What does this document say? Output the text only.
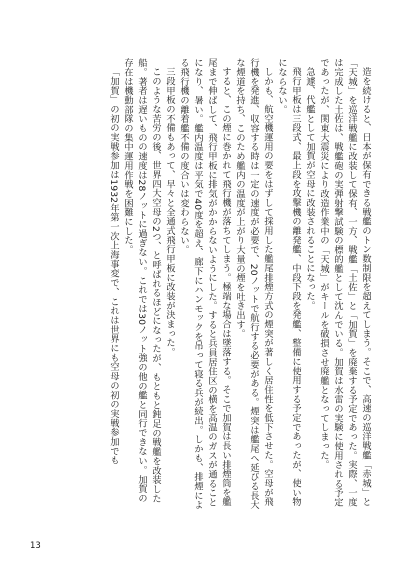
造を続けると、日本が保有できる戦艦のトン数制限を超えてしまう。そこで、高速の巡洋戦艦「赤城」と「天城」を巡洋戦艦に改装して保有、一方、戦艦「土佐」と「加賀」を廃棄する予定であった。実際、一度は完成した土佐は、戦艦砲の実弾射撃試験の標的艦として沈んでいる。加賀は水雷の実験に使用される予定であったが、関東大震災により改造作業中の「天城」がキールを破損させ廃艦となってしまった。

急遽、代艦として加賀が空母に改装されることになった。

飛行甲板は三段式、最上段を攻撃機の離発艦、中段下段を発艦、整備に使用する予定であったが、使い物にならない。

しかも、航空機運用の要をはずして採用した艦尾排煙方式の煙突が著しく居住性を低下させた。空母が飛行機を発進、収容する時は一定の速度が必要で、20ノットで航行する必要がある。煙突は艦尾へ延びる長大な煙道を持ち、このため艦内の温度が上がり大量の煙を吐き出す。

すると、この煙に巻かれて飛行機が落ちてしまう。極端な場合は墜落する。そこで加賀は長い排煙筒を艦尾まで伸ばして、飛行甲板に排気がかからないようにした。すると兵員居住区の横を高温のガスが通ることになり、暑い。艦内温度は平気で40度を超え、廊下にハンモックを吊って寝る兵が続出。しかも、排煙による飛行機の離着艦不備の度合いは変わらない。

三段甲板の不備もあって、早々と全通式飛行甲板に改装が決まった。

このような苦労の後、世界四大空母の2つ、と呼ばれるほどになったが、もともと鈍足の戦艦を改装した船。著者は遅いものの速度は28ノットに過ぎない。これでは30ノット強の他の艦と同行できない。加賀の存在は機動部隊の集中運用作戦を困難にした。

「加賀」の初の実戦参加は1932年第一次上海事変で、これは世界にも空母の初の実戦参加でも

13
